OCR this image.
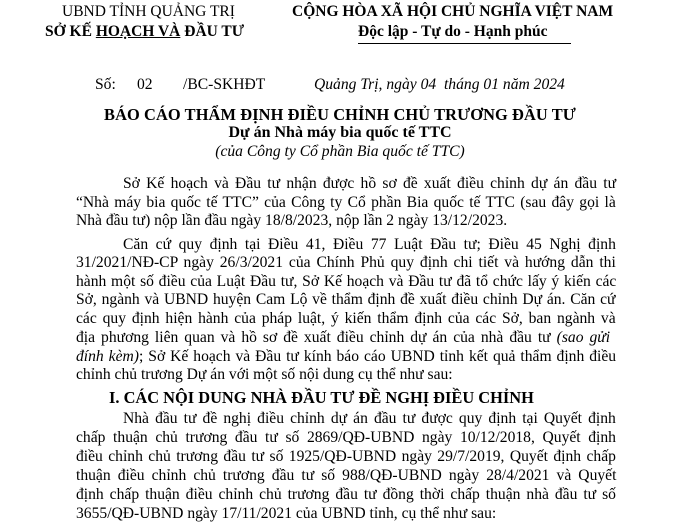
UBND TỈNH QUẢNG TRỊ
SỞ KẾ HOẠCH VÀ ĐẦU TƯ
CỘNG HÒA XÃ HỘI CHỦ NGHĨA VIỆT NAM
Độc lập - Tự do - Hạnh phúc
Số: 02 /BC-SKHĐT	Quảng Trị, ngày 04 tháng 01 năm 2024
BÁO CÁO THẨM ĐỊNH ĐIỀU CHỈNH CHỦ TRƯƠNG ĐẦU TƯ
Dự án Nhà máy bia quốc tế TTC
(của Công ty Cổ phần Bia quốc tế TTC)
Sở Kế hoạch và Đầu tư nhận được hồ sơ đề xuất điều chỉnh dự án đầu tư
“Nhà máy bia quốc tế TTC” của Công ty Cổ phần Bia quốc tế TTC (sau đây gọi là
Nhà đầu tư) nộp lần đầu ngày 18/8/2023, nộp lần 2 ngày 13/12/2023.
Căn cứ quy định tại Điều 41, Điều 77 Luật Đầu tư; Điều 45 Nghị định
31/2021/NĐ-CP ngày 26/3/2021 của Chính Phủ quy định chi tiết và hướng dẫn thi
hành một số điều của Luật Đầu tư, Sở Kế hoạch và Đầu tư đã tổ chức lấy ý kiến các
Sở, ngành và UBND huyện Cam Lộ về thẩm định đề xuất điều chỉnh Dự án. Căn cứ
các quy định hiện hành của pháp luật, ý kiến thẩm định của các Sở, ban ngành và
địa phương liên quan và hồ sơ đề xuất điều chỉnh dự án của nhà đầu tư (sao gửi
đính kèm); Sở Kế hoạch và Đầu tư kính báo cáo UBND tỉnh kết quả thẩm định điều
chỉnh chủ trương Dự án với một số nội dung cụ thể như sau:
I. CÁC NỘI DUNG NHÀ ĐẦU TƯ ĐỀ NGHỊ ĐIỀU CHỈNH
Nhà đầu tư đề nghị điều chỉnh dự án đầu tư được quy định tại Quyết định
chấp thuận chủ trương đầu tư số 2869/QĐ-UBND ngày 10/12/2018, Quyết định
điều chỉnh chủ trương đầu tư số 1925/QĐ-UBND ngày 29/7/2019, Quyết định chấp
thuận điều chỉnh chủ trương đầu tư số 988/QĐ-UBND ngày 28/4/2021 và Quyết
định chấp thuận điều chỉnh chủ trương đầu tư đồng thời chấp thuận nhà đầu tư số
3655/QĐ-UBND ngày 17/11/2021 của UBND tỉnh, cụ thể như sau:
